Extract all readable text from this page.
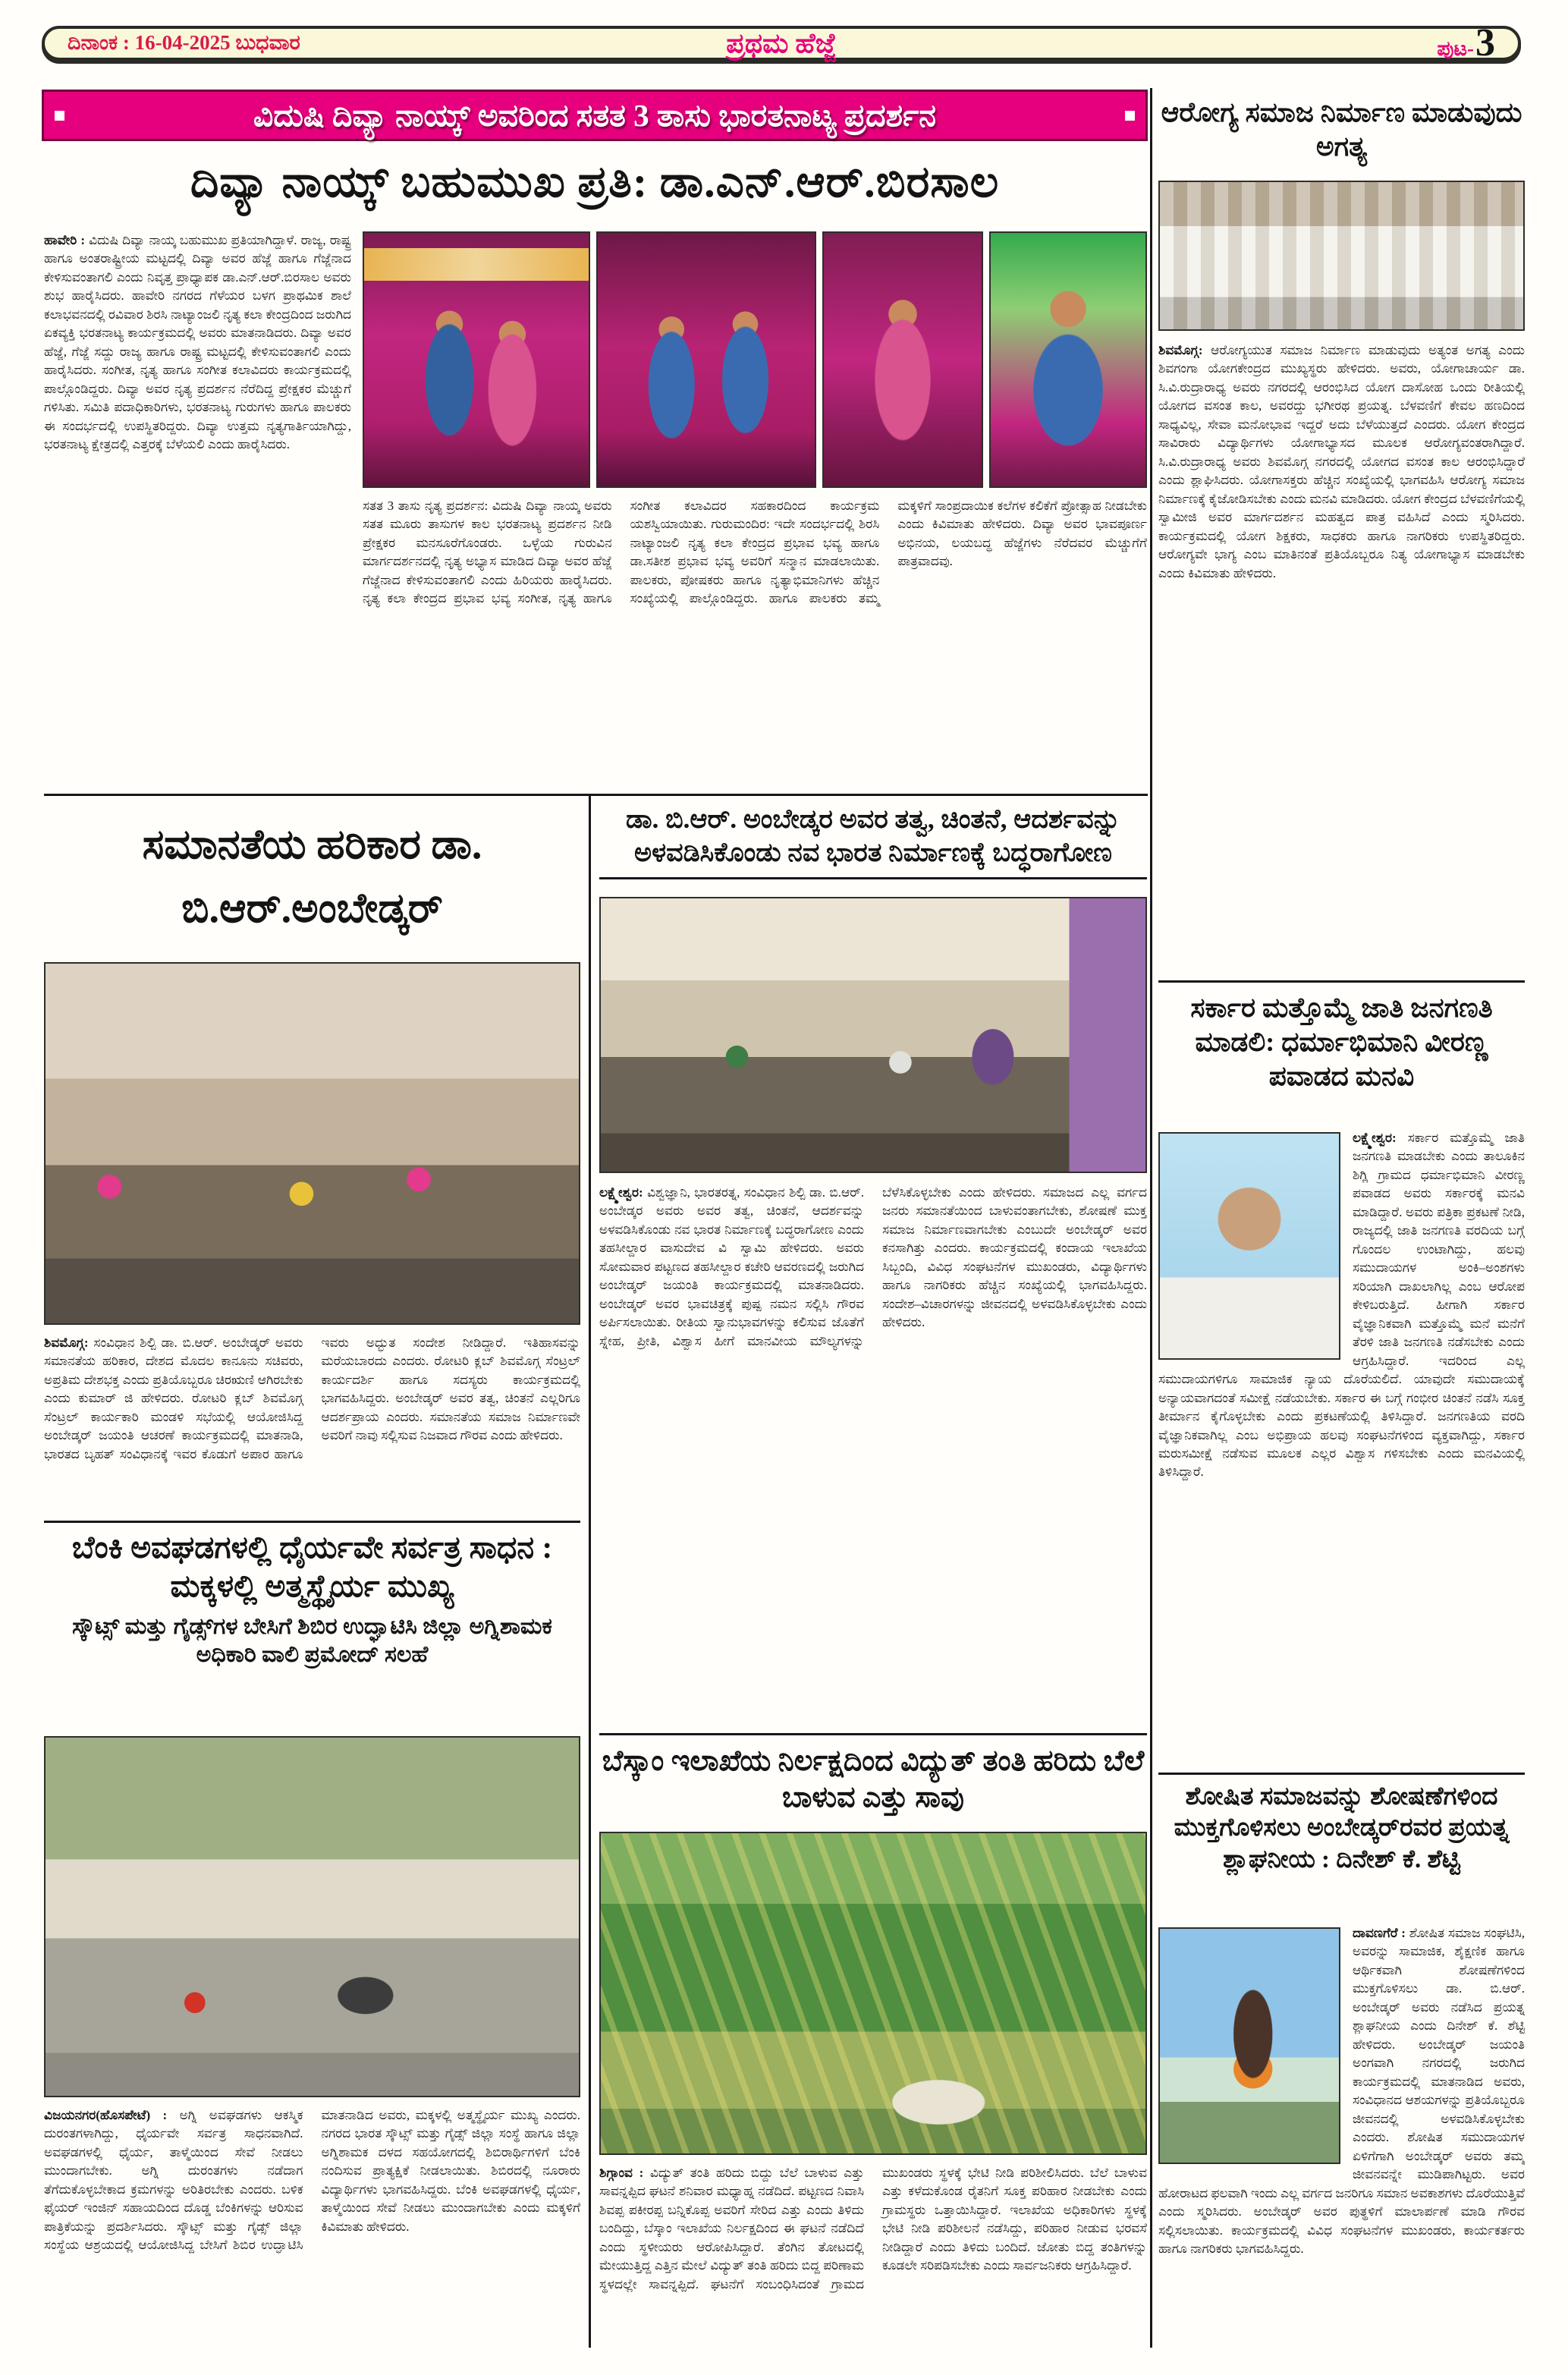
ದಿನಾಂಕ : 16-04-2025 ಬುಧವಾರ	ಪ್ರಥಮ ಹೆಜ್ಜೆ	ಪುಟ- 3
ವಿದುಷಿ ದಿವ್ಯಾ ನಾಯ್ಕ್ ಅವರಿಂದ ಸತತ 3 ತಾಸು ಭಾರತನಾಟ್ಯ ಪ್ರದರ್ಶನ
ದಿವ್ಯಾ ನಾಯ್ಕ್ ಬಹುಮುಖ ಪ್ರತಿ: ಡಾ.ಎನ್.ಆರ್.ಬಿರಸಾಲ
ಹಾವೇರಿ : ವಿದುಷಿ ದಿವ್ಯಾ ನಾಯ್ಕ ಬಹುಮುಖ ಪ್ರತಿಯಾಗಿದ್ದಾಳೆ. ರಾಜ್ಯ, ರಾಷ್ಟ್ರ ಹಾಗೂ ಅಂತರಾಷ್ಟ್ರೀಯ ಮಟ್ಟದಲ್ಲಿ ದಿವ್ಯಾ ಅವರ ಹೆಜ್ಜೆ ಹಾಗೂ ಗೆಜ್ಜೆನಾದ ಕೇಳಿಸುವಂತಾಗಲಿ ಎಂದು ನಿವೃತ್ತ ಪ್ರಾಧ್ಯಾಪಕ ಡಾ.ಎನ್.ಆರ್.ಬಿರಸಾಲ ಅವರು ಶುಭ ಹಾರೈಸಿದರು. ಹಾವೇರಿ ನಗರದ ಗೆಳೆಯರ ಬಳಗ ಪ್ರಾಥಮಿಕ ಶಾಲೆ ಕಲಾಭವನದಲ್ಲಿ ರವಿವಾರ ಶಿರಸಿ ನಾಟ್ಯಾಂಜಲಿ ನೃತ್ಯ ಕಲಾ ಕೇಂದ್ರದಿಂದ ಜರುಗಿದ ಏಕವ್ಯಕ್ತಿ ಭರತನಾಟ್ಯ ಕಾರ್ಯಕ್ರಮದಲ್ಲಿ ಅವರು ಮಾತನಾಡಿದರು. ದಿವ್ಯಾ ಅವರ ಹೆಜ್ಜೆ, ಗೆಜ್ಜೆ ಸದ್ದು ರಾಜ್ಯ ಹಾಗೂ ರಾಷ್ಟ್ರ ಮಟ್ಟದಲ್ಲಿ ಕೇಳಿಸುವಂತಾಗಲಿ ಎಂದು ಹಾರೈಸಿದರು. ಸಂಗೀತ, ನೃತ್ಯ ಹಾಗೂ ಸಂಗೀತ ಕಲಾವಿದರು ಕಾರ್ಯಕ್ರಮದಲ್ಲಿ ಪಾಲ್ಗೊಂಡಿದ್ದರು. ದಿವ್ಯಾ ಅವರ ನೃತ್ಯ ಪ್ರದರ್ಶನ ನೆರೆದಿದ್ದ ಪ್ರೇಕ್ಷಕರ ಮೆಚ್ಚುಗೆ ಗಳಿಸಿತು. ಸಮಿತಿ ಪದಾಧಿಕಾರಿಗಳು, ಭರತನಾಟ್ಯ ಗುರುಗಳು ಹಾಗೂ ಪಾಲಕರು ಈ ಸಂದರ್ಭದಲ್ಲಿ ಉಪಸ್ಥಿತರಿದ್ದರು. ದಿವ್ಯಾ ಉತ್ತಮ ನೃತ್ಯಗಾರ್ತಿಯಾಗಿದ್ದು, ಭರತನಾಟ್ಯ ಕ್ಷೇತ್ರದಲ್ಲಿ ಎತ್ತರಕ್ಕೆ ಬೆಳೆಯಲಿ ಎಂದು ಹಾರೈಸಿದರು.
ಸತತ 3 ತಾಸು ನೃತ್ಯ ಪ್ರದರ್ಶನ: ವಿದುಷಿ ದಿವ್ಯಾ ನಾಯ್ಕ ಅವರು ಸತತ ಮೂರು ತಾಸುಗಳ ಕಾಲ ಭರತನಾಟ್ಯ ಪ್ರದರ್ಶನ ನೀಡಿ ಪ್ರೇಕ್ಷಕರ ಮನಸೂರೆಗೊಂಡರು. ಒಳ್ಳೆಯ ಗುರುವಿನ ಮಾರ್ಗದರ್ಶನದಲ್ಲಿ ನೃತ್ಯ ಅಭ್ಯಾಸ ಮಾಡಿದ ದಿವ್ಯಾ ಅವರ ಹೆಜ್ಜೆ ಗೆಜ್ಜೆನಾದ ಕೇಳಿಸುವಂತಾಗಲಿ ಎಂದು ಹಿರಿಯರು ಹಾರೈಸಿದರು. ನೃತ್ಯ ಕಲಾ ಕೇಂದ್ರದ ಪ್ರಭಾವ ಭವ್ಯ ಸಂಗೀತ, ನೃತ್ಯ ಹಾಗೂ ಸಂಗೀತ ಕಲಾವಿದರ ಸಹಕಾರದಿಂದ ಕಾರ್ಯಕ್ರಮ ಯಶಸ್ವಿಯಾಯಿತು. ಗುರುಮಂದಿರ: ಇದೇ ಸಂದರ್ಭದಲ್ಲಿ ಶಿರಸಿ ನಾಟ್ಯಾಂಜಲಿ ನೃತ್ಯ ಕಲಾ ಕೇಂದ್ರದ ಪ್ರಭಾವ ಭವ್ಯ ಹಾಗೂ ಡಾ.ಸತೀಶ ಪ್ರಭಾವ ಭವ್ಯ ಅವರಿಗೆ ಸನ್ಮಾನ ಮಾಡಲಾಯಿತು. ಪಾಲಕರು, ಪೋಷಕರು ಹಾಗೂ ನೃತ್ಯಾಭಿಮಾನಿಗಳು ಹೆಚ್ಚಿನ ಸಂಖ್ಯೆಯಲ್ಲಿ ಪಾಲ್ಗೊಂಡಿದ್ದರು. ಹಾಗೂ ಪಾಲಕರು ತಮ್ಮ ಮಕ್ಕಳಿಗೆ ಸಾಂಪ್ರದಾಯಿಕ ಕಲೆಗಳ ಕಲಿಕೆಗೆ ಪ್ರೋತ್ಸಾಹ ನೀಡಬೇಕು ಎಂದು ಕಿವಿಮಾತು ಹೇಳಿದರು. ದಿವ್ಯಾ ಅವರ ಭಾವಪೂರ್ಣ ಅಭಿನಯ, ಲಯಬದ್ಧ ಹೆಜ್ಜೆಗಳು ನೆರೆದವರ ಮೆಚ್ಚುಗೆಗೆ ಪಾತ್ರವಾದವು.
ಆರೋಗ್ಯ ಸಮಾಜ ನಿರ್ಮಾಣ ಮಾಡುವುದು ಅಗತ್ಯ
ಶಿವಮೊಗ್ಗ: ಆರೋಗ್ಯಯುತ ಸಮಾಜ ನಿರ್ಮಾಣ ಮಾಡುವುದು ಅತ್ಯಂತ ಅಗತ್ಯ ಎಂದು ಶಿವಗಂಗಾ ಯೋಗಕೇಂದ್ರದ ಮುಖ್ಯಸ್ಥರು ಹೇಳಿದರು. ಅವರು, ಯೋಗಾಚಾರ್ಯ ಡಾ. ಸಿ.ವಿ.ರುದ್ರಾರಾಧ್ಯ ಅವರು ನಗರದಲ್ಲಿ ಆರಂಭಿಸಿದ ಯೋಗ ದಾಸೋಹ ಒಂದು ರೀತಿಯಲ್ಲಿ ಯೋಗದ ವಸಂತ ಕಾಲ, ಅವರದ್ದು ಭಗೀರಥ ಪ್ರಯತ್ನ. ಬೆಳವಣಿಗೆ ಕೇವಲ ಹಣದಿಂದ ಸಾಧ್ಯವಿಲ್ಲ, ಸೇವಾ ಮನೋಭಾವ ಇದ್ದರೆ ಅದು ಬೆಳೆಯುತ್ತದೆ ಎಂದರು. ಯೋಗ ಕೇಂದ್ರದ ಸಾವಿರಾರು ವಿದ್ಯಾರ್ಥಿಗಳು ಯೋಗಾಭ್ಯಾಸದ ಮೂಲಕ ಆರೋಗ್ಯವಂತರಾಗಿದ್ದಾರೆ. ಸಿ.ವಿ.ರುದ್ರಾರಾಧ್ಯ ಅವರು ಶಿವಮೊಗ್ಗ ನಗರದಲ್ಲಿ ಯೋಗದ ವಸಂತ ಕಾಲ ಆರಂಭಿಸಿದ್ದಾರೆ ಎಂದು ಶ್ಲಾಘಿಸಿದರು. ಯೋಗಾಸಕ್ತರು ಹೆಚ್ಚಿನ ಸಂಖ್ಯೆಯಲ್ಲಿ ಭಾಗವಹಿಸಿ ಆರೋಗ್ಯ ಸಮಾಜ ನಿರ್ಮಾಣಕ್ಕೆ ಕೈಜೋಡಿಸಬೇಕು ಎಂದು ಮನವಿ ಮಾಡಿದರು. ಯೋಗ ಕೇಂದ್ರದ ಬೆಳವಣಿಗೆಯಲ್ಲಿ ಸ್ವಾಮೀಜಿ ಅವರ ಮಾರ್ಗದರ್ಶನ ಮಹತ್ವದ ಪಾತ್ರ ವಹಿಸಿದೆ ಎಂದು ಸ್ಮರಿಸಿದರು. ಕಾರ್ಯಕ್ರಮದಲ್ಲಿ ಯೋಗ ಶಿಕ್ಷಕರು, ಸಾಧಕರು ಹಾಗೂ ನಾಗರಿಕರು ಉಪಸ್ಥಿತರಿದ್ದರು. ಆರೋಗ್ಯವೇ ಭಾಗ್ಯ ಎಂಬ ಮಾತಿನಂತೆ ಪ್ರತಿಯೊಬ್ಬರೂ ನಿತ್ಯ ಯೋಗಾಭ್ಯಾಸ ಮಾಡಬೇಕು ಎಂದು ಕಿವಿಮಾತು ಹೇಳಿದರು.
ಸಮಾನತೆಯ ಹರಿಕಾರ ಡಾ. ಬಿ.ಆರ್.ಅಂಬೇಡ್ಕರ್
ಶಿವಮೊಗ್ಗ: ಸಂವಿಧಾನ ಶಿಲ್ಪಿ ಡಾ. ಬಿ.ಆರ್. ಅಂಬೇಡ್ಕರ್ ಅವರು ಸಮಾನತೆಯ ಹರಿಕಾರ, ದೇಶದ ಮೊದಲ ಕಾನೂನು ಸಚಿವರು, ಅಪ್ರತಿಮ ದೇಶಭಕ್ತ ಎಂದು ಪ್ರತಿಯೊಬ್ಬರೂ ಚಿರಋಣಿ ಆಗಿರಬೇಕು ಎಂದು ಕುಮಾರ್ ಜಿ ಹೇಳಿದರು. ರೋಟರಿ ಕ್ಲಬ್ ಶಿವಮೊಗ್ಗ ಸೆಂಟ್ರಲ್ ಕಾರ್ಯಕಾರಿ ಮಂಡಳಿ ಸಭೆಯಲ್ಲಿ ಆಯೋಜಿಸಿದ್ದ ಅಂಬೇಡ್ಕರ್ ಜಯಂತಿ ಆಚರಣೆ ಕಾರ್ಯಕ್ರಮದಲ್ಲಿ ಮಾತನಾಡಿ, ಭಾರತದ ಬೃಹತ್ ಸಂವಿಧಾನಕ್ಕೆ ಇವರ ಕೊಡುಗೆ ಅಪಾರ ಹಾಗೂ ಇವರು ಅದ್ಭುತ ಸಂದೇಶ ನೀಡಿದ್ದಾರೆ. ಇತಿಹಾಸವನ್ನು ಮರೆಯಬಾರದು ಎಂದರು. ರೋಟರಿ ಕ್ಲಬ್ ಶಿವಮೊಗ್ಗ ಸೆಂಟ್ರಲ್ ಕಾರ್ಯದರ್ಶಿ ಹಾಗೂ ಸದಸ್ಯರು ಕಾರ್ಯಕ್ರಮದಲ್ಲಿ ಭಾಗವಹಿಸಿದ್ದರು. ಅಂಬೇಡ್ಕರ್ ಅವರ ತತ್ವ, ಚಿಂತನೆ ಎಲ್ಲರಿಗೂ ಆದರ್ಶಪ್ರಾಯ ಎಂದರು. ಸಮಾನತೆಯ ಸಮಾಜ ನಿರ್ಮಾಣವೇ ಅವರಿಗೆ ನಾವು ಸಲ್ಲಿಸುವ ನಿಜವಾದ ಗೌರವ ಎಂದು ಹೇಳಿದರು.
ಡಾ. ಬಿ.ಆರ್. ಅಂಬೇಡ್ಕರ ಅವರ ತತ್ವ, ಚಿಂತನೆ, ಆದರ್ಶವನ್ನು ಅಳವಡಿಸಿಕೊಂಡು ನವ ಭಾರತ ನಿರ್ಮಾಣಕ್ಕೆ ಬದ್ಧರಾಗೋಣ
ಲಕ್ಷ್ಮೇಶ್ವರ: ವಿಶ್ವಜ್ಞಾನಿ, ಭಾರತರತ್ನ, ಸಂವಿಧಾನ ಶಿಲ್ಪಿ ಡಾ. ಬಿ.ಆರ್. ಅಂಬೇಡ್ಕರ ಅವರು ಅವರ ತತ್ವ, ಚಿಂತನೆ, ಆದರ್ಶವನ್ನು ಅಳವಡಿಸಿಕೊಂಡು ನವ ಭಾರತ ನಿರ್ಮಾಣಕ್ಕೆ ಬದ್ಧರಾಗೋಣ ಎಂದು ತಹಸೀಲ್ದಾರ ವಾಸುದೇವ ವಿ ಸ್ವಾಮಿ ಹೇಳಿದರು. ಅವರು ಸೋಮವಾರ ಪಟ್ಟಣದ ತಹಸೀಲ್ದಾರ ಕಚೇರಿ ಆವರಣದಲ್ಲಿ ಜರುಗಿದ ಅಂಬೇಡ್ಕರ್ ಜಯಂತಿ ಕಾರ್ಯಕ್ರಮದಲ್ಲಿ ಮಾತನಾಡಿದರು. ಅಂಬೇಡ್ಕರ್ ಅವರ ಭಾವಚಿತ್ರಕ್ಕೆ ಪುಷ್ಪ ನಮನ ಸಲ್ಲಿಸಿ ಗೌರವ ಅರ್ಪಿಸಲಾಯಿತು. ರೀತಿಯ ಸ್ವಾನುಭಾವಗಳನ್ನು ಕಲಿಸುವ ಜೊತೆಗೆ ಸ್ನೇಹ, ಪ್ರೀತಿ, ವಿಶ್ವಾಸ ಹೀಗೆ ಮಾನವೀಯ ಮೌಲ್ಯಗಳನ್ನು ಬೆಳೆಸಿಕೊಳ್ಳಬೇಕು ಎಂದು ಹೇಳಿದರು. ಸಮಾಜದ ಎಲ್ಲ ವರ್ಗದ ಜನರು ಸಮಾನತೆಯಿಂದ ಬಾಳುವಂತಾಗಬೇಕು, ಶೋಷಣೆ ಮುಕ್ತ ಸಮಾಜ ನಿರ್ಮಾಣವಾಗಬೇಕು ಎಂಬುದೇ ಅಂಬೇಡ್ಕರ್ ಅವರ ಕನಸಾಗಿತ್ತು ಎಂದರು. ಕಾರ್ಯಕ್ರಮದಲ್ಲಿ ಕಂದಾಯ ಇಲಾಖೆಯ ಸಿಬ್ಬಂದಿ, ವಿವಿಧ ಸಂಘಟನೆಗಳ ಮುಖಂಡರು, ವಿದ್ಯಾರ್ಥಿಗಳು ಹಾಗೂ ನಾಗರಿಕರು ಹೆಚ್ಚಿನ ಸಂಖ್ಯೆಯಲ್ಲಿ ಭಾಗವಹಿಸಿದ್ದರು. ಸಂದೇಶ–ವಿಚಾರಗಳನ್ನು ಜೀವನದಲ್ಲಿ ಅಳವಡಿಸಿಕೊಳ್ಳಬೇಕು ಎಂದು ಹೇಳಿದರು.
ಸರ್ಕಾರ ಮತ್ತೊಮ್ಮೆ ಜಾತಿ ಜನಗಣತಿ ಮಾಡಲಿ: ಧರ್ಮಾಭಿಮಾನಿ ವೀರಣ್ಣ ಪವಾಡದ ಮನವಿ
ಲಕ್ಷ್ಮೇಶ್ವರ: ಸರ್ಕಾರ ಮತ್ತೊಮ್ಮೆ ಜಾತಿ ಜನಗಣತಿ ಮಾಡಬೇಕು ಎಂದು ತಾಲೂಕಿನ ಶಿಗ್ಲಿ ಗ್ರಾಮದ ಧರ್ಮಾಭಿಮಾನಿ ವೀರಣ್ಣ ಪವಾಡದ ಅವರು ಸರ್ಕಾರಕ್ಕೆ ಮನವಿ ಮಾಡಿದ್ದಾರೆ. ಅವರು ಪತ್ರಿಕಾ ಪ್ರಕಟಣೆ ನೀಡಿ, ರಾಜ್ಯದಲ್ಲಿ ಜಾತಿ ಜನಗಣತಿ ವರದಿಯ ಬಗ್ಗೆ ಗೊಂದಲ ಉಂಟಾಗಿದ್ದು, ಹಲವು ಸಮುದಾಯಗಳ ಅಂಕಿ–ಅಂಶಗಳು ಸರಿಯಾಗಿ ದಾಖಲಾಗಿಲ್ಲ ಎಂಬ ಆರೋಪ ಕೇಳಿಬರುತ್ತಿದೆ. ಹೀಗಾಗಿ ಸರ್ಕಾರ ವೈಜ್ಞಾನಿಕವಾಗಿ ಮತ್ತೊಮ್ಮೆ ಮನೆ ಮನೆಗೆ ತೆರಳಿ ಜಾತಿ ಜನಗಣತಿ ನಡೆಸಬೇಕು ಎಂದು ಆಗ್ರಹಿಸಿದ್ದಾರೆ. ಇದರಿಂದ ಎಲ್ಲ ಸಮುದಾಯಗಳಿಗೂ ಸಾಮಾಜಿಕ ನ್ಯಾಯ ದೊರೆಯಲಿದೆ. ಯಾವುದೇ ಸಮುದಾಯಕ್ಕೆ ಅನ್ಯಾಯವಾಗದಂತೆ ಸಮೀಕ್ಷೆ ನಡೆಯಬೇಕು. ಸರ್ಕಾರ ಈ ಬಗ್ಗೆ ಗಂಭೀರ ಚಿಂತನೆ ನಡೆಸಿ ಸೂಕ್ತ ತೀರ್ಮಾನ ಕೈಗೊಳ್ಳಬೇಕು ಎಂದು ಪ್ರಕಟಣೆಯಲ್ಲಿ ತಿಳಿಸಿದ್ದಾರೆ. ಜನಗಣತಿಯ ವರದಿ ವೈಜ್ಞಾನಿಕವಾಗಿಲ್ಲ ಎಂಬ ಅಭಿಪ್ರಾಯ ಹಲವು ಸಂಘಟನೆಗಳಿಂದ ವ್ಯಕ್ತವಾಗಿದ್ದು, ಸರ್ಕಾರ ಮರುಸಮೀಕ್ಷೆ ನಡೆಸುವ ಮೂಲಕ ಎಲ್ಲರ ವಿಶ್ವಾಸ ಗಳಿಸಬೇಕು ಎಂದು ಮನವಿಯಲ್ಲಿ ತಿಳಿಸಿದ್ದಾರೆ.
ಬೆಂಕಿ ಅವಘಡಗಳಲ್ಲಿ ಧೈರ್ಯವೇ ಸರ್ವತ್ರ ಸಾಧನ : ಮಕ್ಕಳಲ್ಲಿ ಅತ್ಮಸ್ಥೈರ್ಯ ಮುಖ್ಯ
ಸ್ಕೌಟ್ಸ್ ಮತ್ತು ಗೈಡ್ಸ್‌ಗಳ ಬೇಸಿಗೆ ಶಿಬಿರ ಉದ್ಘಾಟಿಸಿ ಜಿಲ್ಲಾ ಅಗ್ನಿಶಾಮಕ ಅಧಿಕಾರಿ ವಾಲಿ ಪ್ರಮೋದ್ ಸಲಹೆ
ವಿಜಯನಗರ(ಹೊಸಪೇಟೆ) : ಅಗ್ನಿ ಅವಘಡಗಳು ಆಕಸ್ಮಿಕ ದುರಂತಗಳಾಗಿದ್ದು, ಧೈರ್ಯವೇ ಸರ್ವತ್ರ ಸಾಧನವಾಗಿದೆ. ಅವಘಡಗಳಲ್ಲಿ ಧೈರ್ಯ, ತಾಳ್ಮೆಯಿಂದ ಸೇವೆ ನೀಡಲು ಮುಂದಾಗಬೇಕು. ಅಗ್ನಿ ದುರಂತಗಳು ನಡೆದಾಗ ತೆಗೆದುಕೊಳ್ಳಬೇಕಾದ ಕ್ರಮಗಳನ್ನು ಅರಿತಿರಬೇಕು ಎಂದರು. ಬಳಿಕ ಫೈಯರ್ ಇಂಜಿನ್ ಸಹಾಯದಿಂದ ದೊಡ್ಡ ಬೆಂಕಿಗಳನ್ನು ಆರಿಸುವ ಪಾತ್ರಿಕೆಯನ್ನು ಪ್ರದರ್ಶಿಸಿದರು. ಸ್ಕೌಟ್ಸ್ ಮತ್ತು ಗೈಡ್ಸ್ ಜಿಲ್ಲಾ ಸಂಸ್ಥೆಯ ಆಶ್ರಯದಲ್ಲಿ ಆಯೋಜಿಸಿದ್ದ ಬೇಸಿಗೆ ಶಿಬಿರ ಉದ್ಘಾಟಿಸಿ ಮಾತನಾಡಿದ ಅವರು, ಮಕ್ಕಳಲ್ಲಿ ಅತ್ಮಸ್ಥೈರ್ಯ ಮುಖ್ಯ ಎಂದರು. ನಗರದ ಭಾರತ ಸ್ಕೌಟ್ಸ್ ಮತ್ತು ಗೈಡ್ಸ್ ಜಿಲ್ಲಾ ಸಂಸ್ಥೆ ಹಾಗೂ ಜಿಲ್ಲಾ ಅಗ್ನಿಶಾಮಕ ದಳದ ಸಹಯೋಗದಲ್ಲಿ ಶಿಬಿರಾರ್ಥಿಗಳಿಗೆ ಬೆಂಕಿ ನಂದಿಸುವ ಪ್ರಾತ್ಯಕ್ಷಿಕೆ ನೀಡಲಾಯಿತು. ಶಿಬಿರದಲ್ಲಿ ನೂರಾರು ವಿದ್ಯಾರ್ಥಿಗಳು ಭಾಗವಹಿಸಿದ್ದರು. ಬೆಂಕಿ ಅವಘಡಗಳಲ್ಲಿ ಧೈರ್ಯ, ತಾಳ್ಮೆಯಿಂದ ಸೇವೆ ನೀಡಲು ಮುಂದಾಗಬೇಕು ಎಂದು ಮಕ್ಕಳಿಗೆ ಕಿವಿಮಾತು ಹೇಳಿದರು.
ಬೆಸ್ಕಾಂ ಇಲಾಖೆಯ ನಿರ್ಲಕ್ಷದಿಂದ ವಿದ್ಯುತ್ ತಂತಿ ಹರಿದು ಬೆಲೆ ಬಾಳುವ ಎತ್ತು ಸಾವು
ಶಿಗ್ಗಾಂವ : ವಿದ್ಯುತ್ ತಂತಿ ಹರಿದು ಬಿದ್ದು ಬೆಲೆ ಬಾಳುವ ಎತ್ತು ಸಾವನ್ನಪ್ಪಿದ ಘಟನೆ ಶನಿವಾರ ಮಧ್ಯಾಹ್ನ ನಡೆದಿದೆ. ಪಟ್ಟಣದ ನಿವಾಸಿ ಶಿವಪ್ಪ ಪಕೀರಪ್ಪ ಬನ್ನಿಕೊಪ್ಪ ಅವರಿಗೆ ಸೇರಿದ ಎತ್ತು ಎಂದು ತಿಳಿದು ಬಂದಿದ್ದು, ಬೆಸ್ಕಾಂ ಇಲಾಖೆಯ ನಿರ್ಲಕ್ಷದಿಂದ ಈ ಘಟನೆ ನಡೆದಿದೆ ಎಂದು ಸ್ಥಳೀಯರು ಆರೋಪಿಸಿದ್ದಾರೆ. ತೆಂಗಿನ ತೋಟದಲ್ಲಿ ಮೇಯುತ್ತಿದ್ದ ಎತ್ತಿನ ಮೇಲೆ ವಿದ್ಯುತ್ ತಂತಿ ಹರಿದು ಬಿದ್ದ ಪರಿಣಾಮ ಸ್ಥಳದಲ್ಲೇ ಸಾವನ್ನಪ್ಪಿದೆ. ಘಟನೆಗೆ ಸಂಬಂಧಿಸಿದಂತೆ ಗ್ರಾಮದ ಮುಖಂಡರು ಸ್ಥಳಕ್ಕೆ ಭೇಟಿ ನೀಡಿ ಪರಿಶೀಲಿಸಿದರು. ಬೆಲೆ ಬಾಳುವ ಎತ್ತು ಕಳೆದುಕೊಂಡ ರೈತನಿಗೆ ಸೂಕ್ತ ಪರಿಹಾರ ನೀಡಬೇಕು ಎಂದು ಗ್ರಾಮಸ್ಥರು ಒತ್ತಾಯಿಸಿದ್ದಾರೆ. ಇಲಾಖೆಯ ಅಧಿಕಾರಿಗಳು ಸ್ಥಳಕ್ಕೆ ಭೇಟಿ ನೀಡಿ ಪರಿಶೀಲನೆ ನಡೆಸಿದ್ದು, ಪರಿಹಾರ ನೀಡುವ ಭರವಸೆ ನೀಡಿದ್ದಾರೆ ಎಂದು ತಿಳಿದು ಬಂದಿದೆ. ಜೋತು ಬಿದ್ದ ತಂತಿಗಳನ್ನು ಕೂಡಲೇ ಸರಿಪಡಿಸಬೇಕು ಎಂದು ಸಾರ್ವಜನಿಕರು ಆಗ್ರಹಿಸಿದ್ದಾರೆ.
ಶೋಷಿತ ಸಮಾಜವನ್ನು ಶೋಷಣೆಗಳಿಂದ ಮುಕ್ತಗೊಳಿಸಲು ಅಂಬೇಡ್ಕರ್‌ರವರ ಪ್ರಯತ್ನ ಶ್ಲಾಘನೀಯ : ದಿನೇಶ್ ಕೆ. ಶೆಟ್ಟಿ
ದಾವಣಗೆರೆ : ಶೋಷಿತ ಸಮಾಜ ಸಂಘಟಿಸಿ, ಅವರನ್ನು ಸಾಮಾಜಿಕ, ಶೈಕ್ಷಣಿಕ ಹಾಗೂ ಆರ್ಥಿಕವಾಗಿ ಶೋಷಣೆಗಳಿಂದ ಮುಕ್ತಗೊಳಿಸಲು ಡಾ. ಬಿ.ಆರ್. ಅಂಬೇಡ್ಕರ್ ಅವರು ನಡೆಸಿದ ಪ್ರಯತ್ನ ಶ್ಲಾಘನೀಯ ಎಂದು ದಿನೇಶ್ ಕೆ. ಶೆಟ್ಟಿ ಹೇಳಿದರು. ಅಂಬೇಡ್ಕರ್ ಜಯಂತಿ ಅಂಗವಾಗಿ ನಗರದಲ್ಲಿ ಜರುಗಿದ ಕಾರ್ಯಕ್ರಮದಲ್ಲಿ ಮಾತನಾಡಿದ ಅವರು, ಸಂವಿಧಾನದ ಆಶಯಗಳನ್ನು ಪ್ರತಿಯೊಬ್ಬರೂ ಜೀವನದಲ್ಲಿ ಅಳವಡಿಸಿಕೊಳ್ಳಬೇಕು ಎಂದರು. ಶೋಷಿತ ಸಮುದಾಯಗಳ ಏಳಿಗೆಗಾಗಿ ಅಂಬೇಡ್ಕರ್ ಅವರು ತಮ್ಮ ಜೀವನವನ್ನೇ ಮುಡಿಪಾಗಿಟ್ಟರು. ಅವರ ಹೋರಾಟದ ಫಲವಾಗಿ ಇಂದು ಎಲ್ಲ ವರ್ಗದ ಜನರಿಗೂ ಸಮಾನ ಅವಕಾಶಗಳು ದೊರೆಯುತ್ತಿವೆ ಎಂದು ಸ್ಮರಿಸಿದರು. ಅಂಬೇಡ್ಕರ್ ಅವರ ಪುತ್ಥಳಿಗೆ ಮಾಲಾರ್ಪಣೆ ಮಾಡಿ ಗೌರವ ಸಲ್ಲಿಸಲಾಯಿತು. ಕಾರ್ಯಕ್ರಮದಲ್ಲಿ ವಿವಿಧ ಸಂಘಟನೆಗಳ ಮುಖಂಡರು, ಕಾರ್ಯಕರ್ತರು ಹಾಗೂ ನಾಗರಿಕರು ಭಾಗವಹಿಸಿದ್ದರು.
